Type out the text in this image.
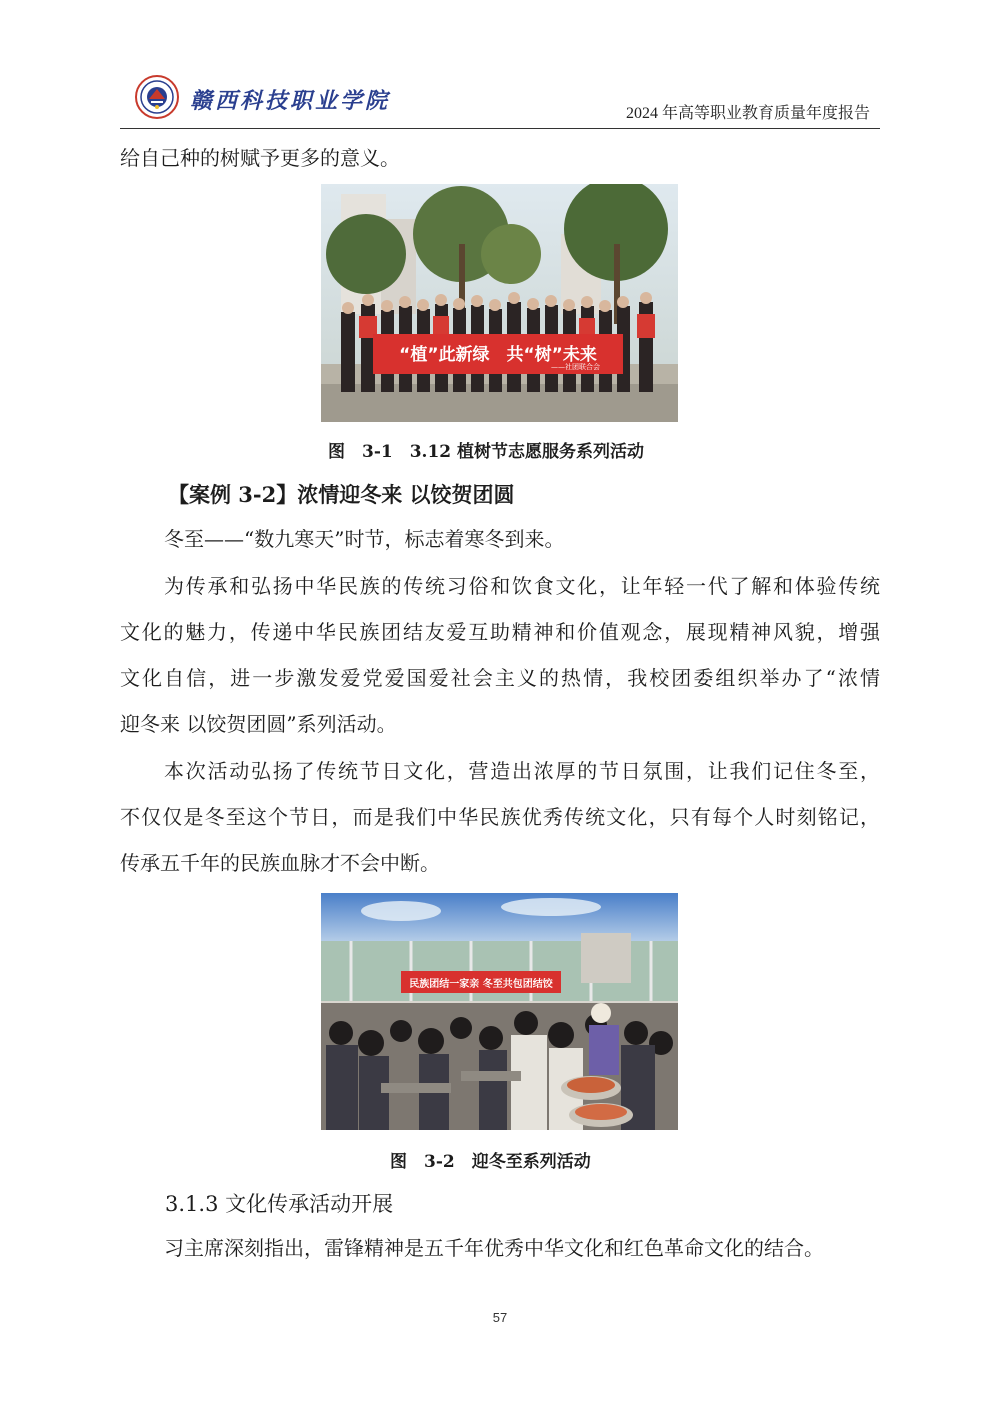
赣西科技职业学院	2024 年高等职业教育质量年度报告
给自己种的树赋予更多的意义。
“植”此新绿　共“树”未来
——社团联合会
图　3-1　3.12 植树节志愿服务系列活动
【案例 3-2】浓情迎冬来 以饺贺团圆
冬至——“数九寒天”时节，标志着寒冬到来。
为传承和弘扬中华民族的传统习俗和饮食文化，让年轻一代了解和体验传统
文化的魅力，传递中华民族团结友爱互助精神和价值观念，展现精神风貌，增强
文化自信，进一步激发爱党爱国爱社会主义的热情，我校团委组织举办了“浓情
迎冬来 以饺贺团圆”系列活动。
本次活动弘扬了传统节日文化，营造出浓厚的节日氛围，让我们记住冬至，
不仅仅是冬至这个节日，而是我们中华民族优秀传统文化，只有每个人时刻铭记，
传承五千年的民族血脉才不会中断。
民族团结一家亲 冬至共包团结饺
图　3-2　迎冬至系列活动
3.1.3 文化传承活动开展
习主席深刻指出，雷锋精神是五千年优秀中华文化和红色革命文化的结合。
57
